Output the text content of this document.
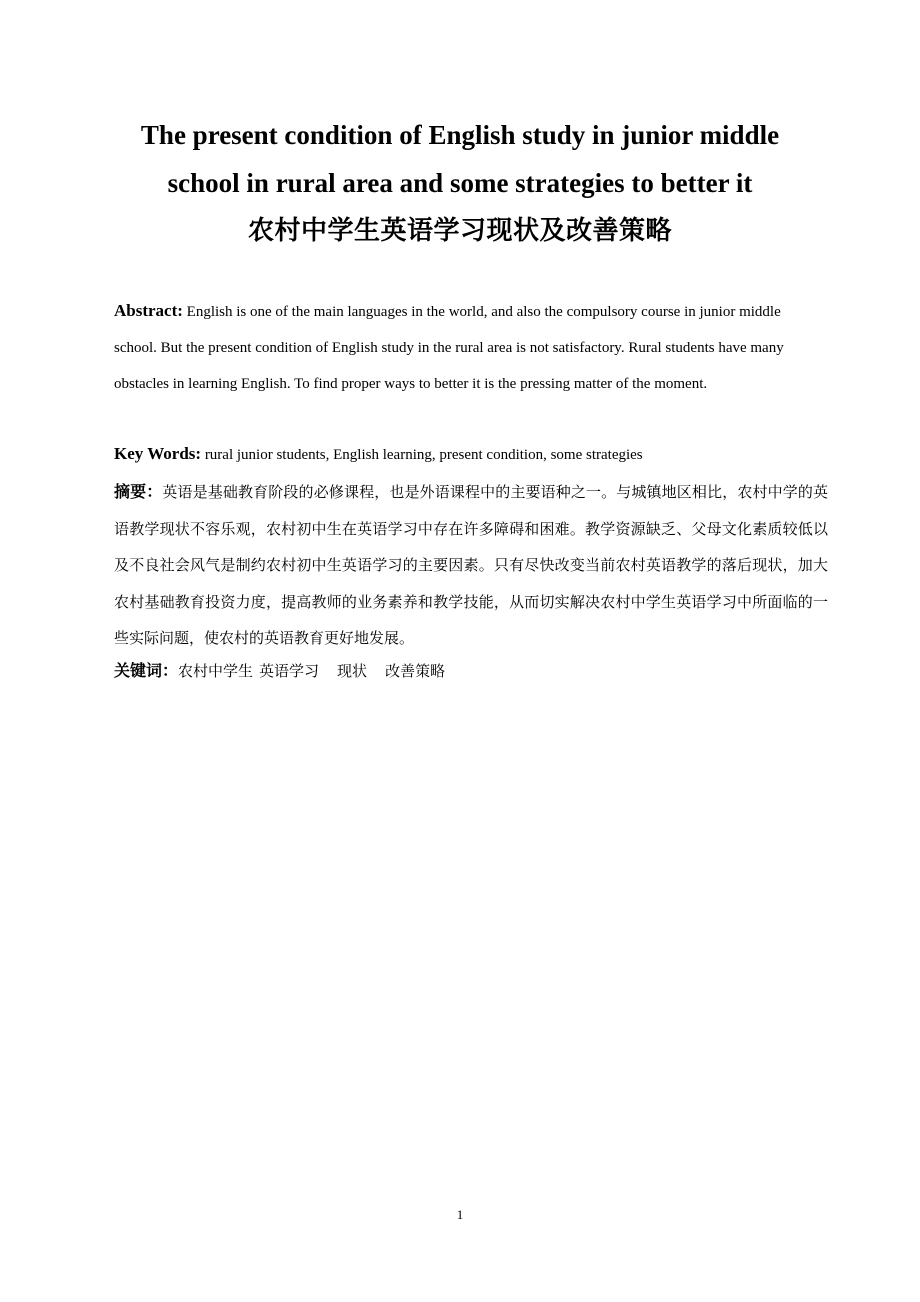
The present condition of English study in junior middle
school in rural area and some strategies to better it
农村中学生英语学习现状及改善策略
Abstract: English is one of the main languages in the world, and also the compulsory course in junior middle school. But the present condition of English study in the rural area is not satisfactory. Rural students have many obstacles in learning English. To find proper ways to better it is the pressing matter of the moment.
Key Words: rural junior students, English learning, present condition, some strategies
摘要：英语是基础教育阶段的必修课程，也是外语课程中的主要语种之一。与城镇地区相比，农村中学的英语教学现状不容乐观，农村初中生在英语学习中存在许多障碍和困难。教学资源缺乏、父母文化素质较低以及不良社会风气是制约农村初中生英语学习的主要因素。只有尽快改变当前农村英语教学的落后现状，加大农村基础教育投资力度，提高教师的业务素养和教学技能，从而切实解决农村中学生英语学习中所面临的一些实际问题，使农村的英语教育更好地发展。
关键词：农村中学生 英语学习 现状 改善策略
1
